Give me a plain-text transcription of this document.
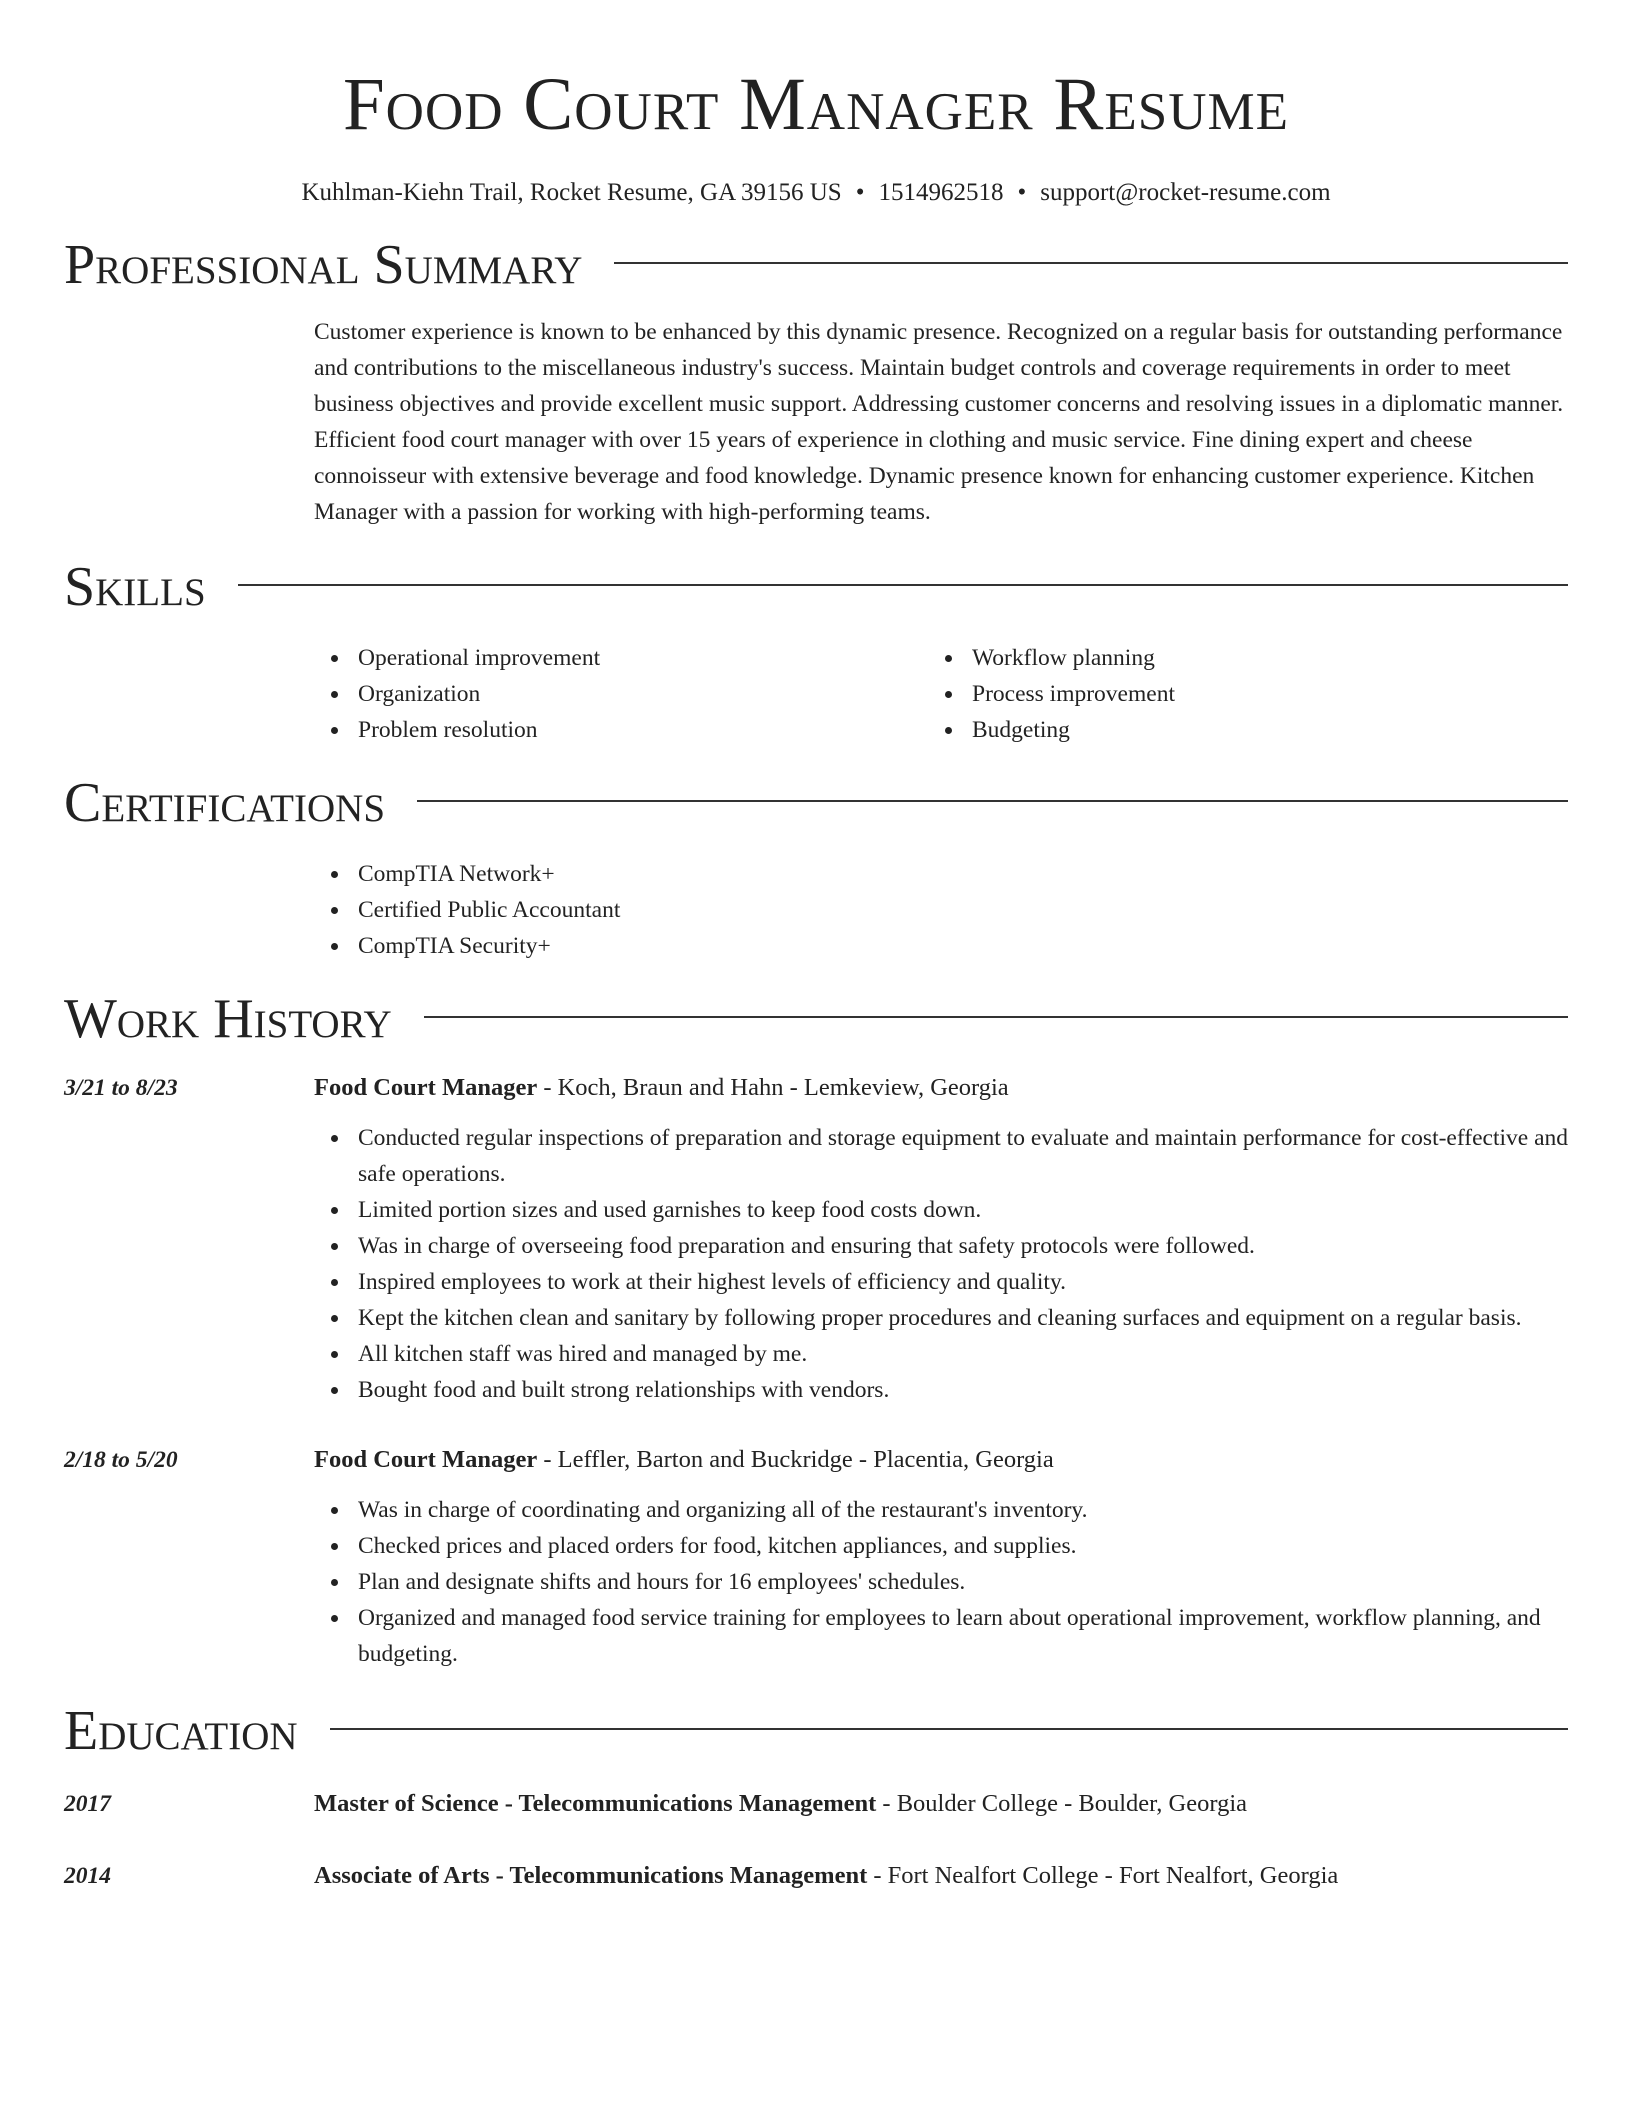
Food Court Manager Resume
Kuhlman-Kiehn Trail, Rocket Resume, GA 39156 US • 1514962518 • support@rocket-resume.com
Professional Summary
Customer experience is known to be enhanced by this dynamic presence. Recognized on a regular basis for outstanding performance and contributions to the miscellaneous industry's success. Maintain budget controls and coverage requirements in order to meet business objectives and provide excellent music support. Addressing customer concerns and resolving issues in a diplomatic manner. Efficient food court manager with over 15 years of experience in clothing and music service. Fine dining expert and cheese connoisseur with extensive beverage and food knowledge. Dynamic presence known for enhancing customer experience. Kitchen Manager with a passion for working with high-performing teams.
Skills
Operational improvement
Organization
Problem resolution
Workflow planning
Process improvement
Budgeting
Certifications
CompTIA Network+
Certified Public Accountant
CompTIA Security+
Work History
3/21 to 8/23	Food Court Manager - Koch, Braun and Hahn - Lemkeview, Georgia
Conducted regular inspections of preparation and storage equipment to evaluate and maintain performance for cost-effective and safe operations.
Limited portion sizes and used garnishes to keep food costs down.
Was in charge of overseeing food preparation and ensuring that safety protocols were followed.
Inspired employees to work at their highest levels of efficiency and quality.
Kept the kitchen clean and sanitary by following proper procedures and cleaning surfaces and equipment on a regular basis.
All kitchen staff was hired and managed by me.
Bought food and built strong relationships with vendors.
2/18 to 5/20	Food Court Manager - Leffler, Barton and Buckridge - Placentia, Georgia
Was in charge of coordinating and organizing all of the restaurant's inventory.
Checked prices and placed orders for food, kitchen appliances, and supplies.
Plan and designate shifts and hours for 16 employees' schedules.
Organized and managed food service training for employees to learn about operational improvement, workflow planning, and budgeting.
Education
2017	Master of Science - Telecommunications Management - Boulder College - Boulder, Georgia
2014	Associate of Arts - Telecommunications Management - Fort Nealfort College - Fort Nealfort, Georgia
